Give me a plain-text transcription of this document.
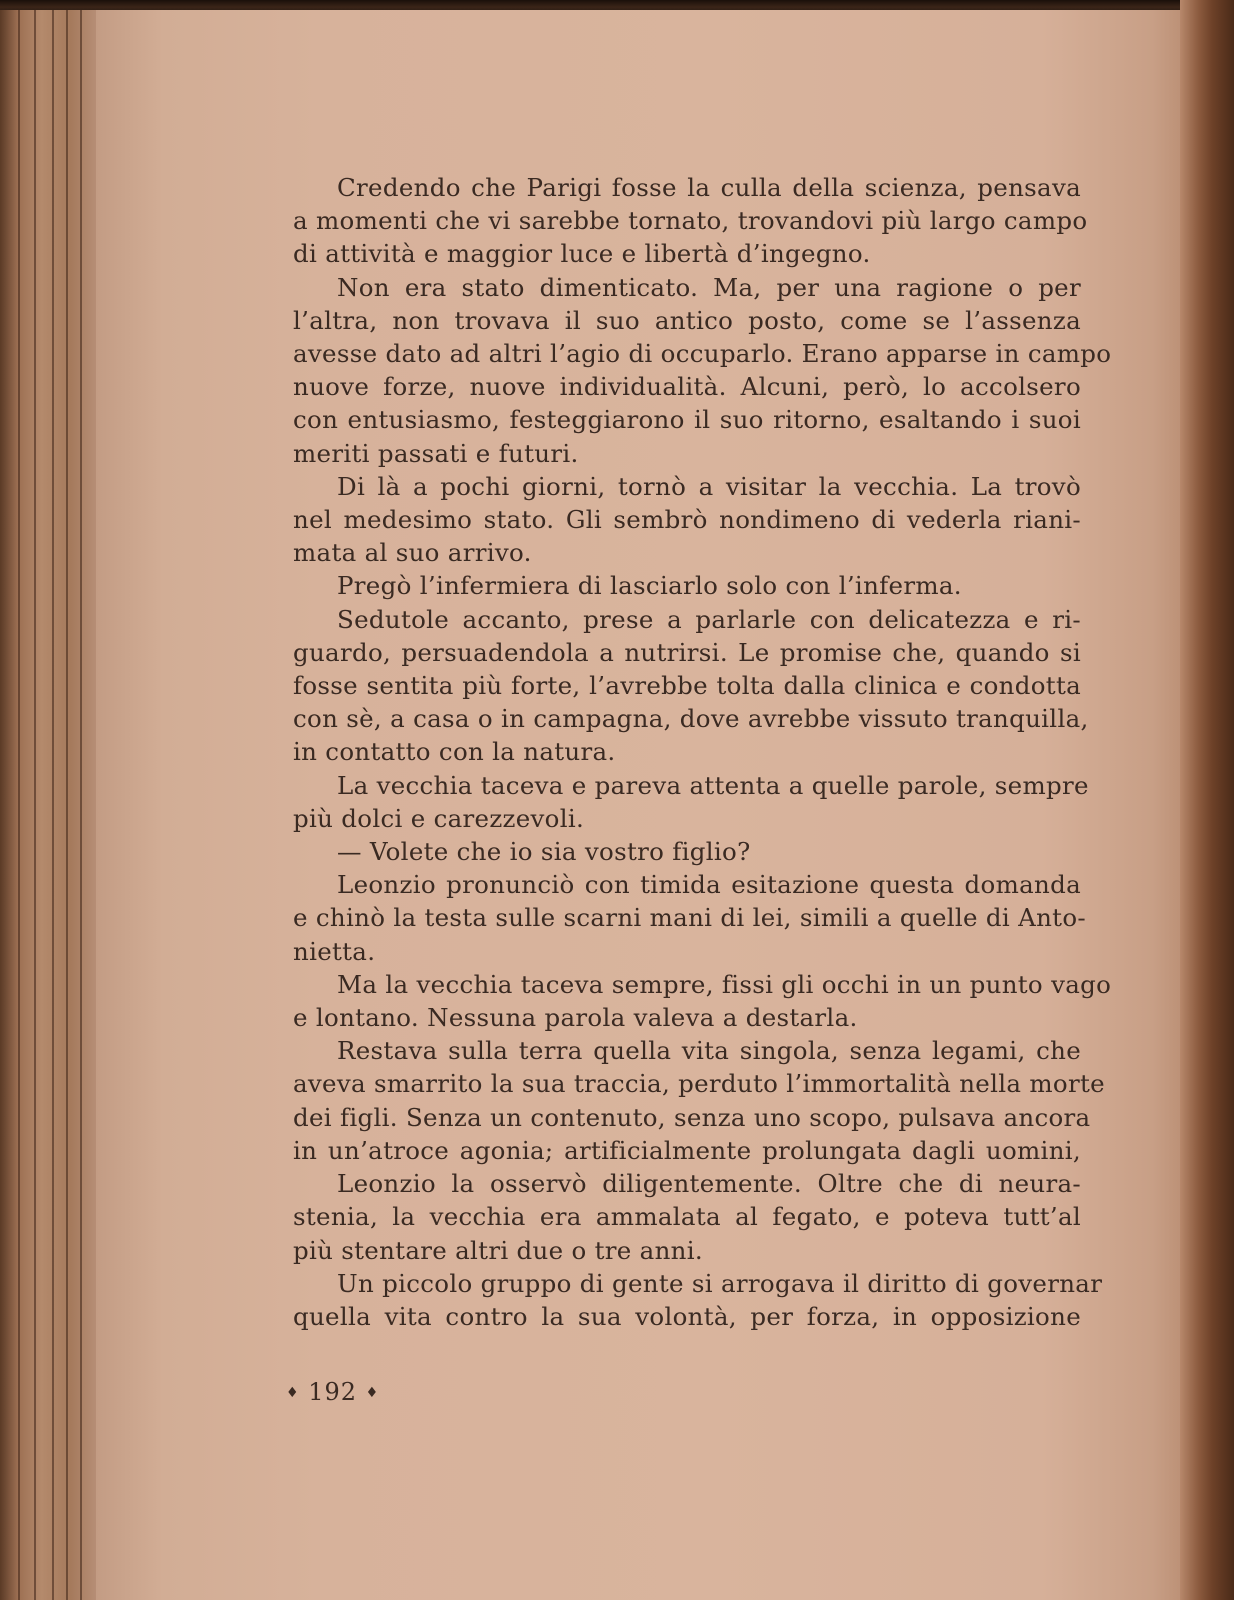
Credendo che Parigi fosse la culla della scienza, pensava
a momenti che vi sarebbe tornato, trovandovi più largo campo
di attività e maggior luce e libertà d’ingegno.
Non era stato dimenticato. Ma, per una ragione o per
l’altra, non trovava il suo antico posto, come se l’assenza
avesse dato ad altri l’agio di occuparlo. Erano apparse in campo
nuove forze, nuove individualità. Alcuni, però, lo accolsero
con entusiasmo, festeggiarono il suo ritorno, esaltando i suoi
meriti passati e futuri.
Di là a pochi giorni, tornò a visitar la vecchia. La trovò
nel medesimo stato. Gli sembrò nondimeno di vederla riani-
mata al suo arrivo.
Pregò l’infermiera di lasciarlo solo con l’inferma.
Sedutole accanto, prese a parlarle con delicatezza e ri-
guardo, persuadendola a nutrirsi. Le promise che, quando si
fosse sentita più forte, l’avrebbe tolta dalla clinica e condotta
con sè, a casa o in campagna, dove avrebbe vissuto tranquilla,
in contatto con la natura.
La vecchia taceva e pareva attenta a quelle parole, sempre
più dolci e carezzevoli.
— Volete che io sia vostro figlio?
Leonzio pronunciò con timida esitazione questa domanda
e chinò la testa sulle scarni mani di lei, simili a quelle di Anto-
nietta.
Ma la vecchia taceva sempre, fissi gli occhi in un punto vago
e lontano. Nessuna parola valeva a destarla.
Restava sulla terra quella vita singola, senza legami, che
aveva smarrito la sua traccia, perduto l’immortalità nella morte
dei figli. Senza un contenuto, senza uno scopo, pulsava ancora
in un’atroce agonia; artificialmente prolungata dagli uomini,
Leonzio la osservò diligentemente. Oltre che di neura-
stenia, la vecchia era ammalata al fegato, e poteva tutt’al
più stentare altri due o tre anni.
Un piccolo gruppo di gente si arrogava il diritto di governar
quella vita contro la sua volontà, per forza, in opposizione
♦ 192 ♦
